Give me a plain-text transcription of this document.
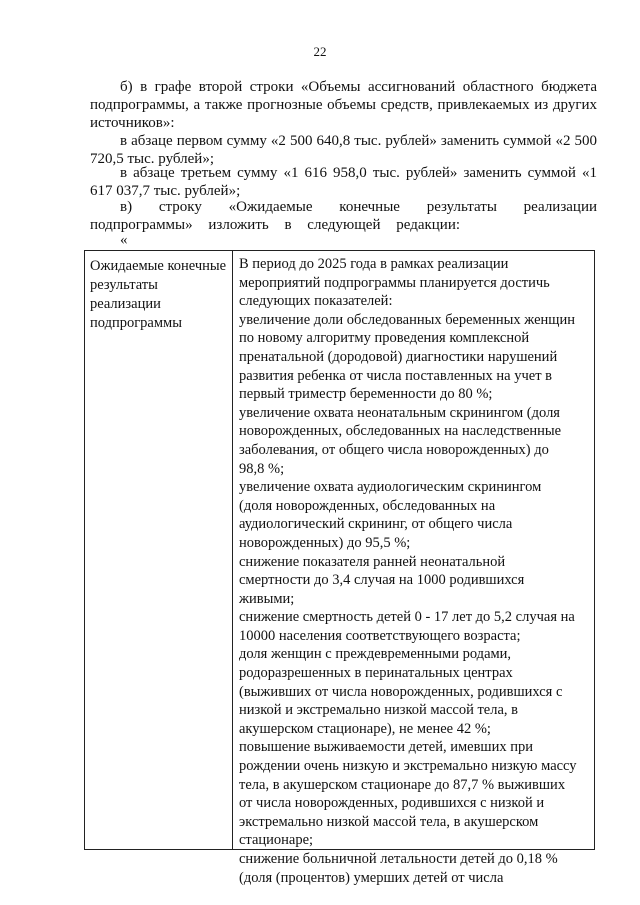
22

б) в графе второй строки «Объемы ассигнований областного бюджета подпрограммы, а также прогнозные объемы средств, привлекаемых из других источников»:

в абзаце первом сумму «2 500 640,8 тыс. рублей» заменить суммой «2 500 720,5 тыс. рублей»;

в абзаце третьем сумму «1 616 958,0 тыс. рублей» заменить суммой «1 617 037,7 тыс. рублей»;

в) строку «Ожидаемые конечные результаты реализации подпрограммы» изложить в следующей редакции:

«
Ожидаемые конечные результаты реализации подпрограммы
В период до 2025 года в рамках реализации
мероприятий подпрограммы планируется достичь
следующих показателей:
увеличение доли обследованных беременных женщин
по новому алгоритму проведения комплексной
пренатальной (дородовой) диагностики нарушений
развития ребенка от числа поставленных на учет в
первый триместр беременности до 80 %;
увеличение охвата неонатальным скринингом (доля
новорожденных, обследованных на наследственные
заболевания, от общего числа новорожденных) до
98,8 %;
увеличение охвата аудиологическим скринингом
(доля новорожденных, обследованных на
аудиологический скрининг, от общего числа
новорожденных) до 95,5 %;
снижение показателя ранней неонатальной
смертности до 3,4 случая на 1000 родившихся
живыми;
снижение смертность детей 0 - 17 лет до 5,2 случая на
10000 населения соответствующего возраста;
доля женщин с преждевременными родами,
родоразрешенных в перинатальных центрах
(выживших от числа новорожденных, родившихся с
низкой и экстремально низкой массой тела, в
акушерском стационаре), не менее 42 %;
повышение выживаемости детей, имевших при
рождении очень низкую и экстремально низкую массу
тела, в акушерском стационаре до 87,7 % выживших
от числа новорожденных, родившихся с низкой и
экстремально низкой массой тела, в акушерском
стационаре;
снижение больничной летальности детей до 0,18 %
(доля (процентов) умерших детей от числа
